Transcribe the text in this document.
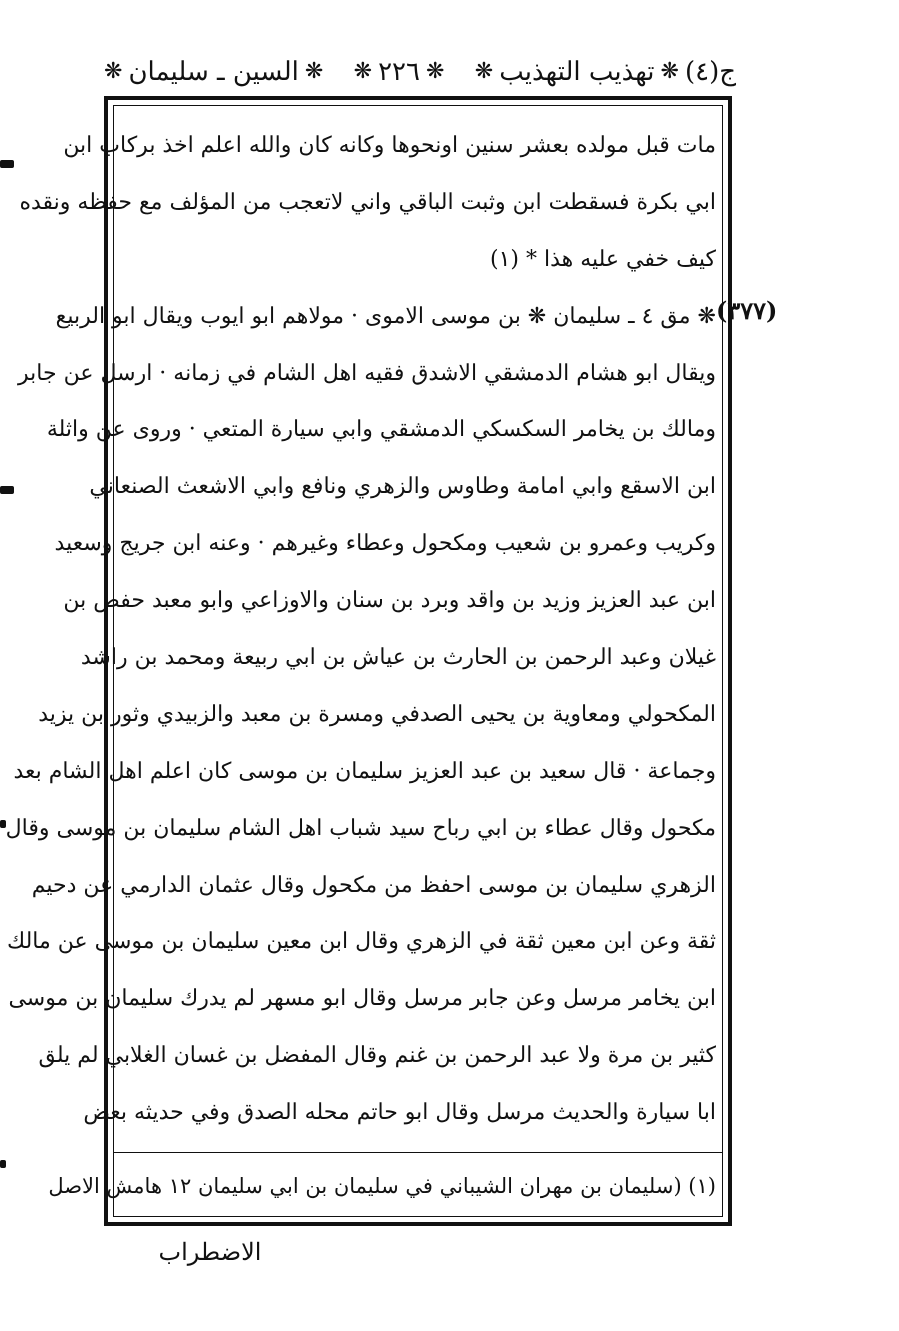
ج(٤)
❋
تهذيب التهذيب
❋
❋
٢٢٦
❋
❋
السين ـ سليمان
❋
مات قبل مولده بعشر سنين اونحوها وكانه كان والله اعلم اخذ بركاب ابن
ابي بكرة فسقطت ابن وثبت الباقي واني لاتعجب من المؤلف مع حفظه ونقده
كيف خفي عليه هذا * (١)
❋ مق ٤ ـ سليمان ❋ بن موسى الاموى · مولاهم ابو ايوب ويقال ابو الربيع
ويقال ابو هشام الدمشقي الاشدق فقيه اهل الشام في زمانه · ارسل عن جابر
ومالك بن يخامر السكسكي الدمشقي وابي سيارة المتعي · وروى عن واثلة
ابن الاسقع وابي امامة وطاوس والزهري ونافع وابي الاشعث الصنعاني
وكريب وعمرو بن شعيب ومكحول وعطاء وغيرهم · وعنه ابن جريج وسعيد
ابن عبد العزيز وزيد بن واقد وبرد بن سنان والاوزاعي وابو معبد حفص بن
غيلان وعبد الرحمن بن الحارث بن عياش بن ابي ربيعة ومحمد بن راشد
المكحولي ومعاوية بن يحيى الصدفي ومسرة بن معبد والزبيدي وثور بن يزيد
وجماعة · قال سعيد بن عبد العزيز سليمان بن موسى كان اعلم اهل الشام بعد
مكحول وقال عطاء بن ابي رباح سيد شباب اهل الشام سليمان بن موسى وقال
الزهري سليمان بن موسى احفظ من مكحول وقال عثمان الدارمي عن دحيم
ثقة وعن ابن معين ثقة في الزهري وقال ابن معين سليمان بن موسى عن مالك
ابن يخامر مرسل وعن جابر مرسل وقال ابو مسهر لم يدرك سليمان بن موسى
كثير بن مرة ولا عبد الرحمن بن غنم وقال المفضل بن غسان الغلابي لم يلق
ابا سيارة والحديث مرسل وقال ابو حاتم محله الصدق وفي حديثه بعض
(١) (سليمان بن مهران الشيباني في سليمان بن ابي سليمان ١٢ هامش الاصل
(٣٧٧)
الاضطراب
